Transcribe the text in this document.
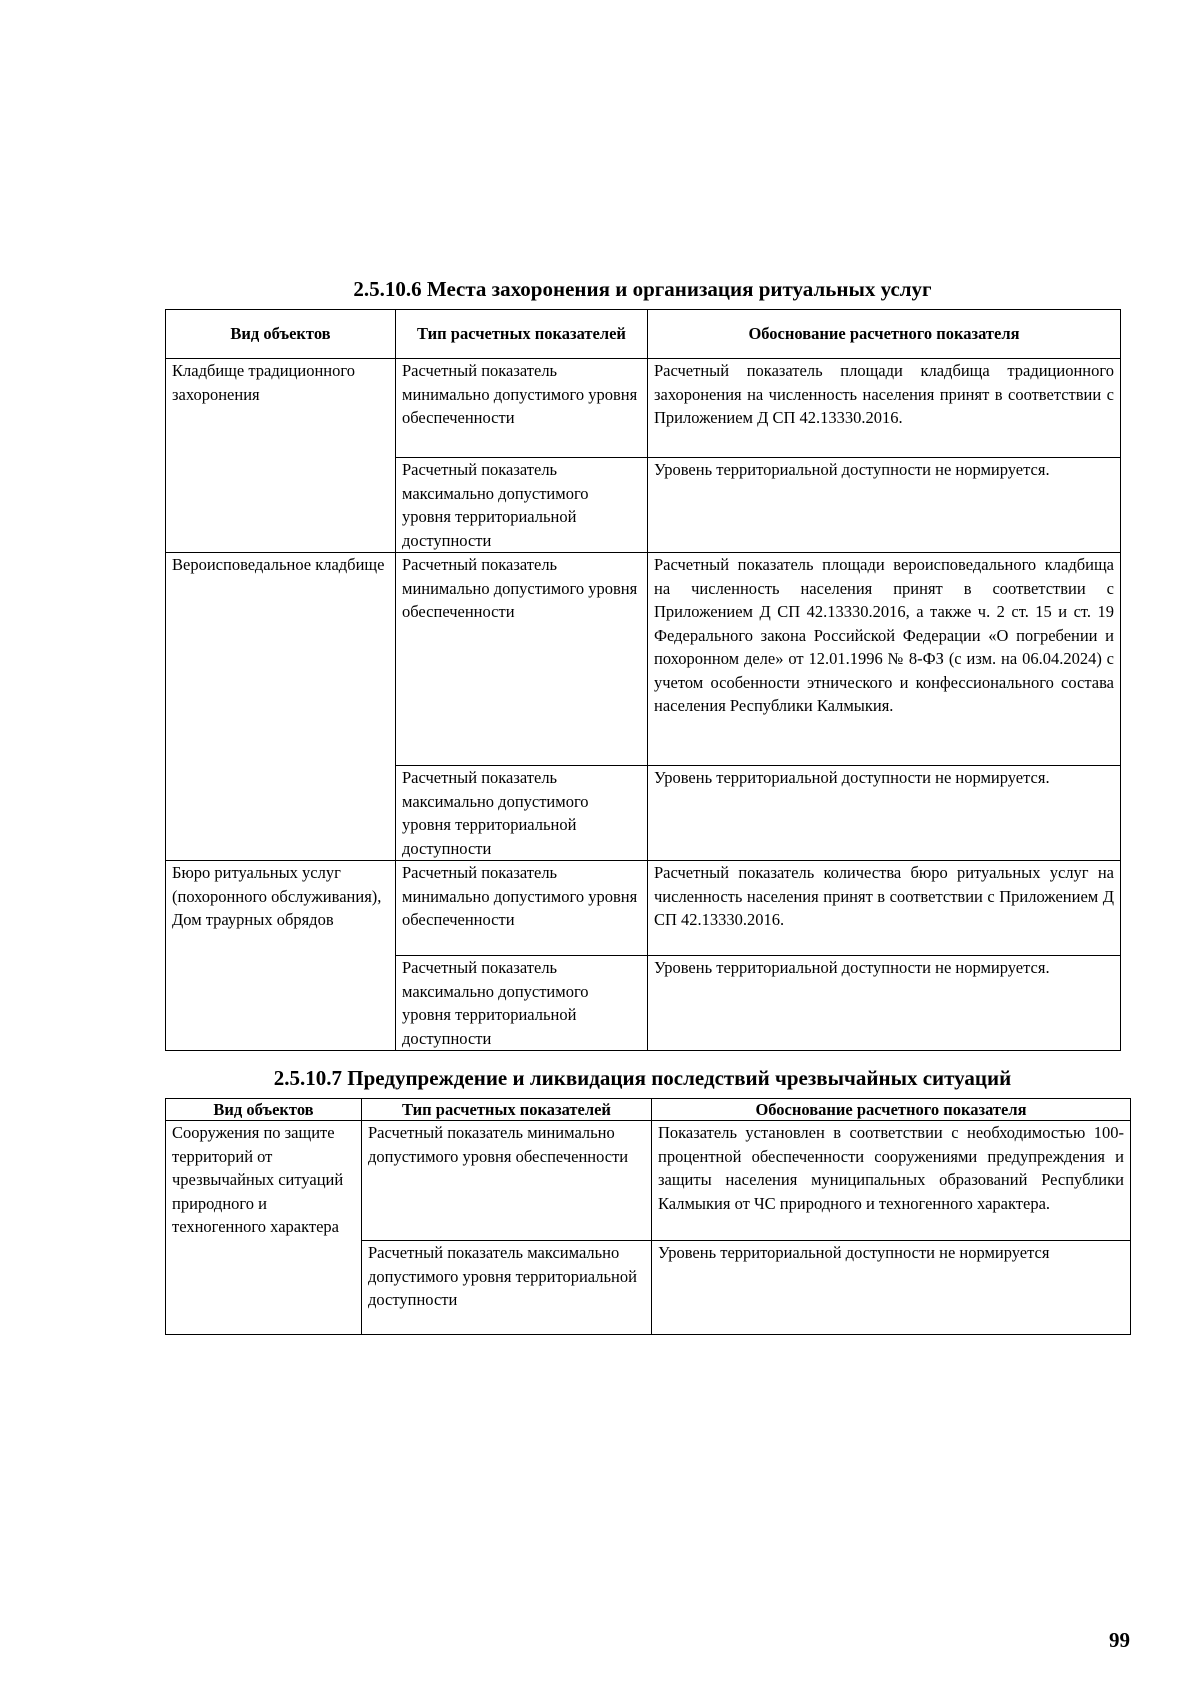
2.5.10.6 Места захоронения и организация ритуальных услуг
Вид объектов	Тип расчетных показателей	Обоснование расчетного показателя
Кладбище традиционного захоронения	Расчетный показатель минимально допустимого уровня обеспеченности	Расчетный показатель площади кладбища традиционного захоронения на численность населения принят в соответствии с Приложением Д СП 42.13330.2016.
	Расчетный показатель максимально допустимого уровня территориальной доступности	Уровень территориальной доступности не нормируется.
Вероисповедальное кладбище	Расчетный показатель минимально допустимого уровня обеспеченности	Расчетный показатель площади вероисповедального кладбища на численность населения принят в соответствии с Приложением Д СП 42.13330.2016, а также ч. 2 ст. 15 и ст. 19 Федерального закона Российской Федерации «О погребении и похоронном деле» от 12.01.1996 № 8-ФЗ (с изм. на 06.04.2024) с учетом особенности этнического и конфессионального состава населения Республики Калмыкия.
	Расчетный показатель максимально допустимого уровня территориальной доступности	Уровень территориальной доступности не нормируется.
Бюро ритуальных услуг (похоронного обслуживания), Дом траурных обрядов	Расчетный показатель минимально допустимого уровня обеспеченности	Расчетный показатель количества бюро ритуальных услуг на численность населения принят в соответствии с Приложением Д СП 42.13330.2016.
	Расчетный показатель максимально допустимого уровня территориальной доступности	Уровень территориальной доступности не нормируется.
2.5.10.7 Предупреждение и ликвидация последствий чрезвычайных ситуаций
Вид объектов	Тип расчетных показателей	Обоснование расчетного показателя
Сооружения по защите территорий от чрезвычайных ситуаций природного и техногенного характера	Расчетный показатель минимально допустимого уровня обеспеченности	Показатель установлен в соответствии с необходимостью 100-процентной обеспеченности сооружениями предупреждения и защиты населения муниципальных образований Республики Калмыкия от ЧС природного и техногенного характера.
	Расчетный показатель максимально допустимого уровня территориальной доступности	Уровень территориальной доступности не нормируется
99
